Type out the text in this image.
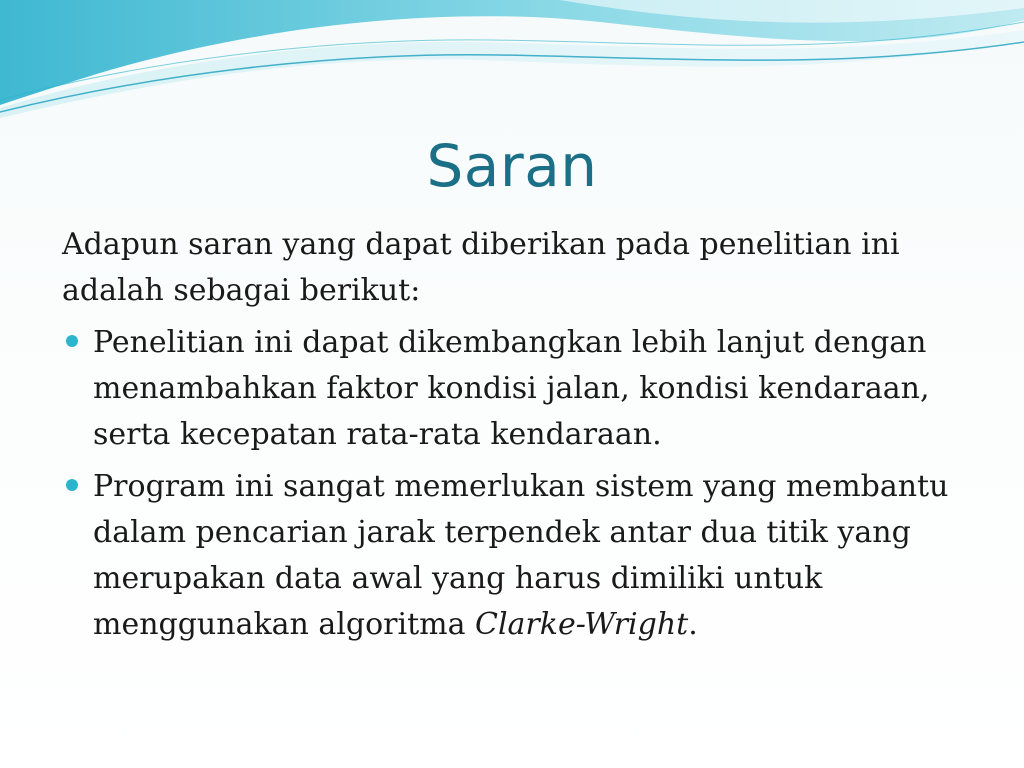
Saran

Adapun saran yang dapat diberikan pada penelitian ini adalah sebagai berikut:

Penelitian ini dapat dikembangkan lebih lanjut dengan menambahkan faktor kondisi jalan, kondisi kendaraan, serta kecepatan rata-rata kendaraan.
Program ini sangat memerlukan sistem yang membantu dalam pencarian jarak terpendek antar dua titik yang merupakan data awal yang harus dimiliki untuk menggunakan algoritma Clarke-Wright.
